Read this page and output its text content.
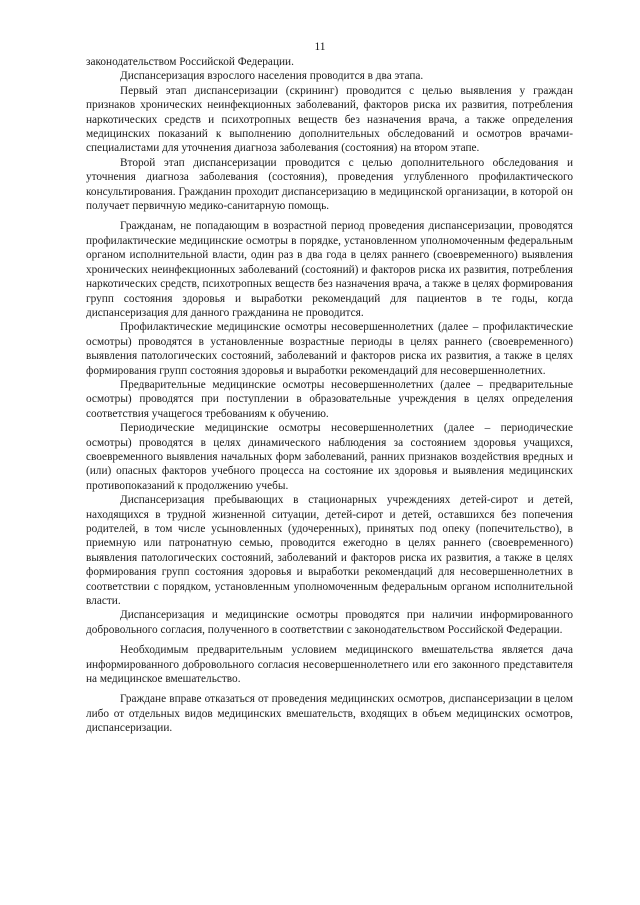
11

законодательством Российской Федерации.

Диспансеризация взрослого населения проводится в два этапа.

Первый этап диспансеризации (скрининг) проводится с целью выявления у граждан признаков хронических неинфекционных заболеваний, факторов риска их развития, потребления наркотических средств и психотропных веществ без назначения врача, а также определения медицинских показаний к выполнению дополнительных обследований и осмотров врачами-специалистами для уточнения диагноза заболевания (состояния) на втором этапе.

Второй этап диспансеризации проводится с целью дополнительного обследования и уточнения диагноза заболевания (состояния), проведения углубленного профилактического консультирования. Гражданин проходит диспансеризацию в медицинской организации, в которой он получает первичную медико-санитарную помощь.

Гражданам, не попадающим в возрастной период проведения диспансеризации, проводятся профилактические медицинские осмотры в порядке, установленном уполномоченным федеральным органом исполнительной власти, один раз в два года в целях раннего (своевременного) выявления хронических неинфекционных заболеваний (состояний) и факторов риска их развития, потребления наркотических средств, психотропных веществ без назначения врача, а также в целях формирования групп состояния здоровья и выработки рекомендаций для пациентов в те годы, когда диспансеризация для данного гражданина не проводится.

Профилактические медицинские осмотры несовершеннолетних (далее – профилактические осмотры) проводятся в установленные возрастные периоды в целях раннего (своевременного) выявления патологических состояний, заболеваний и факторов риска их развития, а также в целях формирования групп состояния здоровья и выработки рекомендаций для несовершеннолетних.

Предварительные медицинские осмотры несовершеннолетних (далее – предварительные осмотры) проводятся при поступлении в образовательные учреждения в целях определения соответствия учащегося требованиям к обучению.

Периодические медицинские осмотры несовершеннолетних (далее – периодические осмотры) проводятся в целях динамического наблюдения за состоянием здоровья учащихся, своевременного выявления начальных форм заболеваний, ранних признаков воздействия вредных и (или) опасных факторов учебного процесса на состояние их здоровья и выявления медицинских противопоказаний к продолжению учебы.

Диспансеризация пребывающих в стационарных учреждениях детей-сирот и детей, находящихся в трудной жизненной ситуации, детей-сирот и детей, оставшихся без попечения родителей, в том числе усыновленных (удочеренных), принятых под опеку (попечительство), в приемную или патронатную семью, проводится ежегодно в целях раннего (своевременного) выявления патологических состояний, заболеваний и факторов риска их развития, а также в целях формирования групп состояния здоровья и выработки рекомендаций для несовершеннолетних в соответствии с порядком, установленным уполномоченным федеральным органом исполнительной власти.

Диспансеризация и медицинские осмотры проводятся при наличии информированного добровольного согласия, полученного в соответствии с законодательством Российской Федерации.

Необходимым предварительным условием медицинского вмешательства является дача информированного добровольного согласия несовершеннолетнего или его законного представителя на медицинское вмешательство.

Граждане вправе отказаться от проведения медицинских осмотров, диспансеризации в целом либо от отдельных видов медицинских вмешательств, входящих в объем медицинских осмотров, диспансеризации.
